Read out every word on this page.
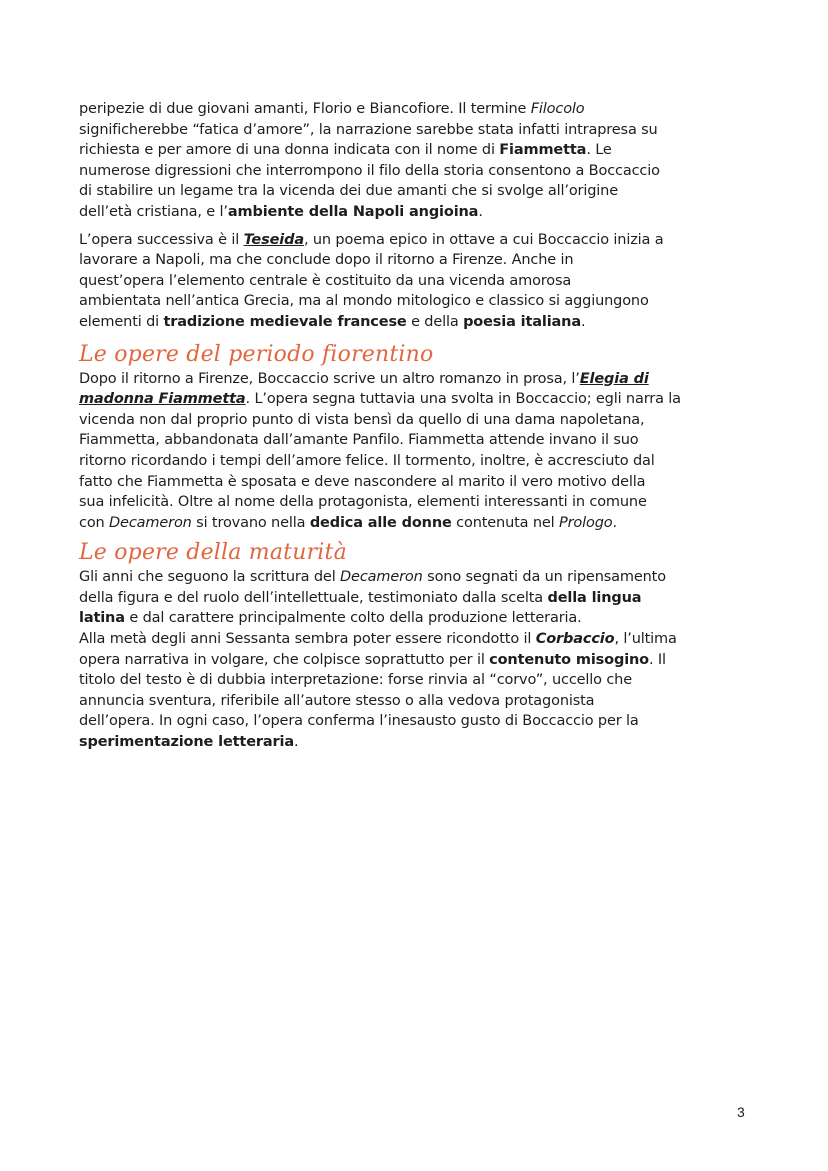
peripezie di due giovani amanti, Florio e Biancofiore. Il termine Filocolo
significherebbe “fatica d’amore”, la narrazione sarebbe stata infatti intrapresa su
richiesta e per amore di una donna indicata con il nome di Fiammetta. Le
numerose digressioni che interrompono il filo della storia consentono a Boccaccio
di stabilire un legame tra la vicenda dei due amanti che si svolge all’origine
dell’età cristiana, e l’ambiente della Napoli angioina.

L’opera successiva è il Teseida, un poema epico in ottave a cui Boccaccio inizia a
lavorare a Napoli, ma che conclude dopo il ritorno a Firenze. Anche in
quest’opera l’elemento centrale è costituito da una vicenda amorosa
ambientata nell’antica Grecia, ma al mondo mitologico e classico si aggiungono
elementi di tradizione medievale francese e della poesia italiana.

Le opere del periodo fiorentino

Dopo il ritorno a Firenze, Boccaccio scrive un altro romanzo in prosa, l’Elegia di
madonna Fiammetta. L’opera segna tuttavia una svolta in Boccaccio; egli narra la
vicenda non dal proprio punto di vista bensì da quello di una dama napoletana,
Fiammetta, abbandonata dall’amante Panfilo. Fiammetta attende invano il suo
ritorno ricordando i tempi dell’amore felice. Il tormento, inoltre, è accresciuto dal
fatto che Fiammetta è sposata e deve nascondere al marito il vero motivo della
sua infelicità. Oltre al nome della protagonista, elementi interessanti in comune
con Decameron si trovano nella dedica alle donne contenuta nel Prologo.

Le opere della maturità

Gli anni che seguono la scrittura del Decameron sono segnati da un ripensamento
della figura e del ruolo dell’intellettuale, testimoniato dalla scelta della lingua
latina e dal carattere principalmente colto della produzione letteraria.
Alla metà degli anni Sessanta sembra poter essere ricondotto il Corbaccio, l’ultima
opera narrativa in volgare, che colpisce soprattutto per il contenuto misogino. Il
titolo del testo è di dubbia interpretazione: forse rinvia al “corvo”, uccello che
annuncia sventura, riferibile all’autore stesso o alla vedova protagonista
dell’opera. In ogni caso, l’opera conferma l’inesausto gusto di Boccaccio per la
sperimentazione letteraria.

3
